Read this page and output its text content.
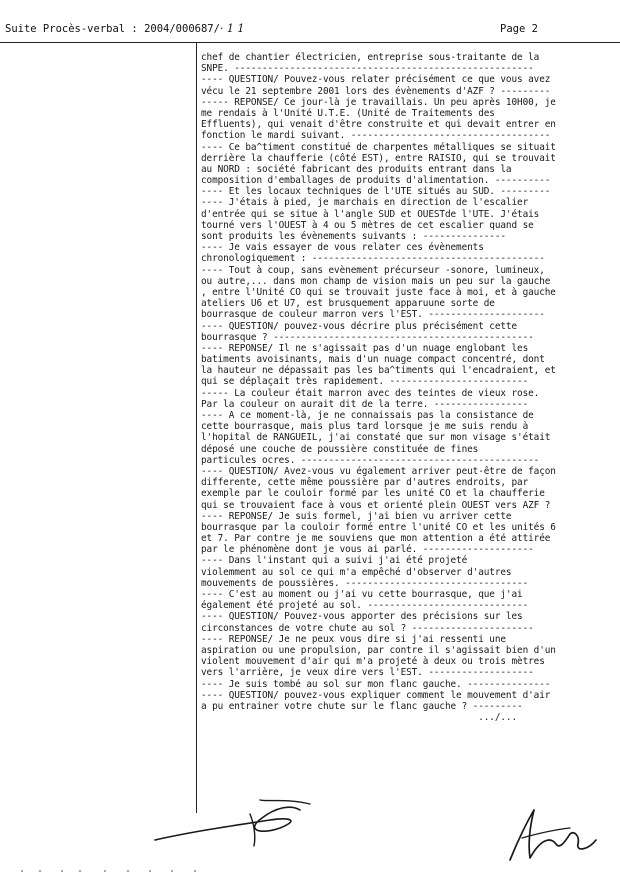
Suite Procès-verbal : 2004/000687/· 1 1	Page 2
chef de chantier électricien, entreprise sous-traitante de la
SNPE. ------------------------------------------------------
---- QUESTION/ Pouvez-vous relater précisément ce que vous avez
vécu le 21 septembre 2001 lors des évènements d'AZF ? ---------
----- REPONSE/ Ce jour-là je travaillais. Un peu après 10H00, je
me rendais à l'Unité U.T.E. (Unité de Traitements des
Effluents), qui venait d'être construite et qui devait entrer en
fonction le mardi suivant. ------------------------------------
---- Ce ba^timent constitué de charpentes métalliques se situait
derrière la chaufferie (côté EST), entre RAISIO, qui se trouvait
au NORD : société fabricant des produits entrant dans la
composition d'emballages de produits d'alimentation. ----------
---- Et les locaux techniques de l'UTE situés au SUD. ---------
---- J'étais à pied, je marchais en direction de l'escalier
d'entrée qui se situe à l'angle SUD et OUESTde l'UTE. J'étais
tourné vers l'OUEST à 4 ou 5 mètres de cet escalier quand se
sont produits les évènements suivants : ---------------
---- Je vais essayer de vous relater ces évènements
chronologiquement : ------------------------------------------
---- Tout à coup, sans evènement précurseur -sonore, lumineux,
ou autre,... dans mon champ de vision mais un peu sur la gauche
, entre l'Unité CO qui se trouvait juste face à moi, et à gauche
ateliers U6 et U7, est brusquement apparuune sorte de
bourrasque de couleur marron vers l'EST. ---------------------
---- QUESTION/ pouvez-vous décrire plus précisément cette
bourrasque ? -----------------------------------------------
---- REPONSE/ Il ne s'agissait pas d'un nuage englobant les
batiments avoisinants, mais d'un nuage compact concentré, dont
la hauteur ne dépassait pas les ba^timents qui l'encadraient, et
qui se déplaçait très rapidement. -------------------------
----- La couleur était marron avec des teintes de vieux rose.
Par la couleur on aurait dit de la terre. -----------------
---- A ce moment-là, je ne connaissais pas la consistance de
cette bourrasque, mais plus tard lorsque je me suis rendu à
l'hopital de RANGUEIL, j'ai constaté que sur mon visage s'était
déposé une couche de poussière constituée de fines
particules ocres. -------------------------------------------
---- QUESTION/ Avez-vous vu également arriver peut-être de façon
differente, cette même poussière par d'autres endroits, par
exemple par le couloir formé par les unité CO et la chaufferie
qui se trouvaient face à vous et orienté plein OUEST vers AZF ?
---- REPONSE/ Je suis formel, j'ai bien vu arriver cette
bourrasque par la couloir formé entre l'unité CO et les unités 6
et 7. Par contre je me souviens que mon attention a été attirée
par le phénomène dont je vous ai parlé. --------------------
---- Dans l'instant qui a suivi j'ai été projeté
violemment au sol ce qui m'a empêché d'observer d'autres
mouvements de poussières. ---------------------------------
---- C'est au moment ou j'ai vu cette bourrasque, que j'ai
également été projeté au sol. -----------------------------
---- QUESTION/ Pouvez-vous apporter des précisions sur les
circonstances de votre chute au sol ? ----------------------
---- REPONSE/ Je ne peux vous dire si j'ai ressenti une
aspiration ou une propulsion, par contre il s'agissait bien d'un
violent mouvement d'air qui m'a projeté à deux ou trois mètres
vers l'arrière, je veux dire vers l'EST. -------------------
---- Je suis tombé au sol sur mon flanc gauche. ---------------
---- QUESTION/ pouvez-vous expliquer comment le mouvement d'air
a pu entrainer votre chute sur le flanc gauche ? ---------
.../...
